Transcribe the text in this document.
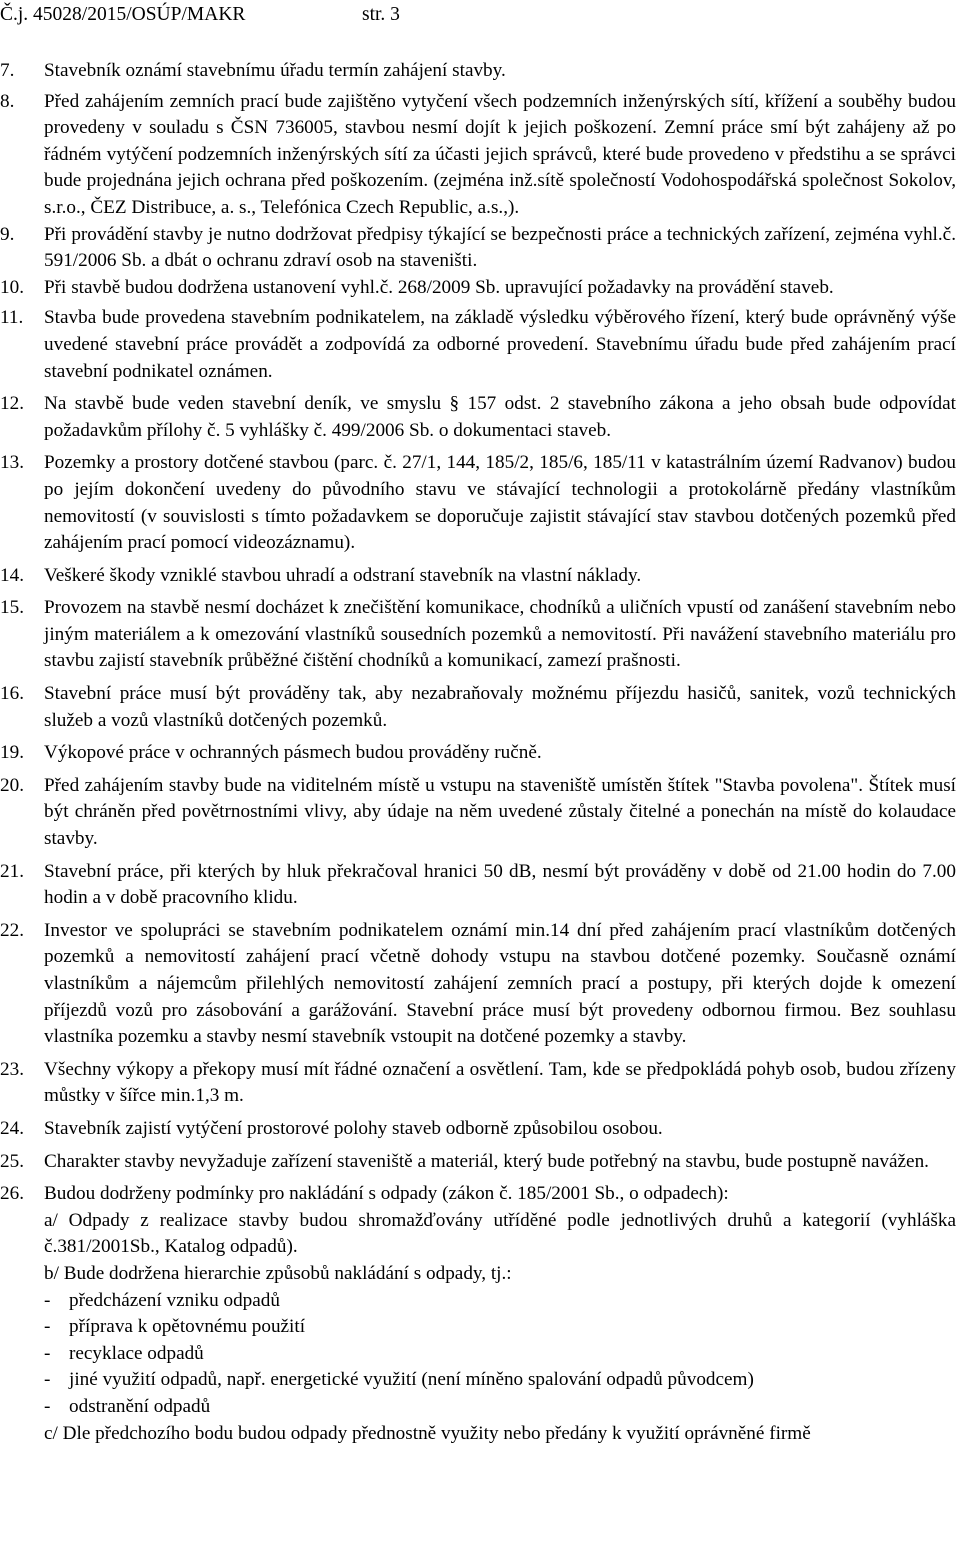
Č.j. 45028/2015/OSÚP/MAKR	str. 3
7.	Stavebník oznámí stavebnímu úřadu termín zahájení stavby.
8.	Před zahájením zemních prací bude zajištěno vytyčení všech podzemních inženýrských sítí, křížení a souběhy budou provedeny v souladu s ČSN 736005, stavbou nesmí dojít k jejich poškození. Zemní práce smí být zahájeny až po řádném vytýčení podzemních inženýrských sítí za účasti jejich správců, které bude provedeno v předstihu a se správci bude projednána jejich ochrana před poškozením. (zejména inž.sítě společností Vodohospodářská společnost Sokolov, s.r.o., ČEZ Distribuce, a. s., Telefónica Czech Republic, a.s.,).
9.	Při provádění stavby je nutno dodržovat předpisy týkající se bezpečnosti práce a technických zařízení, zejména vyhl.č. 591/2006 Sb. a dbát o ochranu zdraví osob na staveništi.
10.	Při stavbě budou dodržena ustanovení vyhl.č. 268/2009 Sb. upravující požadavky na provádění staveb.
11.	Stavba bude provedena stavebním podnikatelem, na základě výsledku výběrového řízení, který bude oprávněný výše uvedené stavební práce provádět a zodpovídá za odborné provedení. Stavebnímu úřadu bude před zahájením prací stavební podnikatel oznámen.
12.	Na stavbě bude veden stavební deník, ve smyslu § 157 odst. 2 stavebního zákona a jeho obsah bude odpovídat požadavkům přílohy č. 5 vyhlášky č. 499/2006 Sb. o dokumentaci staveb.
13.	Pozemky a prostory dotčené stavbou (parc. č. 27/1, 144, 185/2, 185/6, 185/11 v katastrálním území Radvanov) budou po jejím dokončení uvedeny do původního stavu ve stávající technologii a protokolárně předány vlastníkům nemovitostí (v souvislosti s tímto požadavkem se doporučuje zajistit stávající stav stavbou dotčených pozemků před zahájením prací pomocí videozáznamu).
14.	Veškeré škody vzniklé stavbou uhradí a odstraní stavebník na vlastní náklady.
15.	Provozem na stavbě nesmí docházet k znečištění komunikace, chodníků a uličních vpustí od zanášení stavebním nebo jiným materiálem a k omezování vlastníků sousedních pozemků a nemovitostí. Při navážení stavebního materiálu pro stavbu zajistí stavebník průběžné čištění chodníků a komunikací, zamezí prašnosti.
16.	Stavební práce musí být prováděny tak, aby nezabraňovaly možnému příjezdu hasičů, sanitek, vozů technických služeb a vozů vlastníků dotčených pozemků.
19.	Výkopové práce v ochranných pásmech budou prováděny ručně.
20.	Před zahájením stavby bude na viditelném místě u vstupu na staveniště umístěn štítek "Stavba povolena". Štítek musí být chráněn před povětrnostními vlivy, aby údaje na něm uvedené zůstaly čitelné a ponechán na místě do kolaudace stavby.
21.	Stavební práce, při kterých by hluk překračoval hranici 50 dB, nesmí být prováděny v době od 21.00 hodin do 7.00 hodin a v době pracovního klidu.
22.	Investor ve spolupráci se stavebním podnikatelem oznámí min.14 dní před zahájením prací vlastníkům dotčených pozemků a nemovitostí zahájení prací včetně dohody vstupu na stavbou dotčené pozemky. Současně oznámí vlastníkům a nájemcům přilehlých nemovitostí zahájení zemních prací a postupy, při kterých dojde k omezení příjezdů vozů pro zásobování a garážování. Stavební práce musí být provedeny odbornou firmou. Bez souhlasu vlastníka pozemku a stavby nesmí stavebník vstoupit na dotčené pozemky a stavby.
23.	Všechny výkopy a překopy musí mít řádné označení a osvětlení. Tam, kde se předpokládá pohyb osob, budou zřízeny můstky v šířce min.1,3 m.
24.	Stavebník zajistí vytýčení prostorové polohy staveb odborně způsobilou osobou.
25.	Charakter stavby nevyžaduje zařízení staveniště a materiál, který bude potřebný na stavbu, bude postupně navážen.
26.	Budou dodrženy podmínky pro nakládání s odpady (zákon č. 185/2001 Sb., o odpadech):
a/ Odpady z realizace stavby budou shromažďovány utříděné podle jednotlivých druhů a kategorií (vyhláška č.381/2001Sb., Katalog odpadů).
b/ Bude dodržena hierarchie způsobů nakládání s odpady, tj.:
- předcházení vzniku odpadů
- příprava k opětovnému použití
- recyklace odpadů
- jiné využití odpadů, např. energetické využití (není míněno spalování odpadů původcem)
- odstranění odpadů
c/ Dle předchozího bodu budou odpady přednostně využity nebo předány k využití oprávněné firmě
